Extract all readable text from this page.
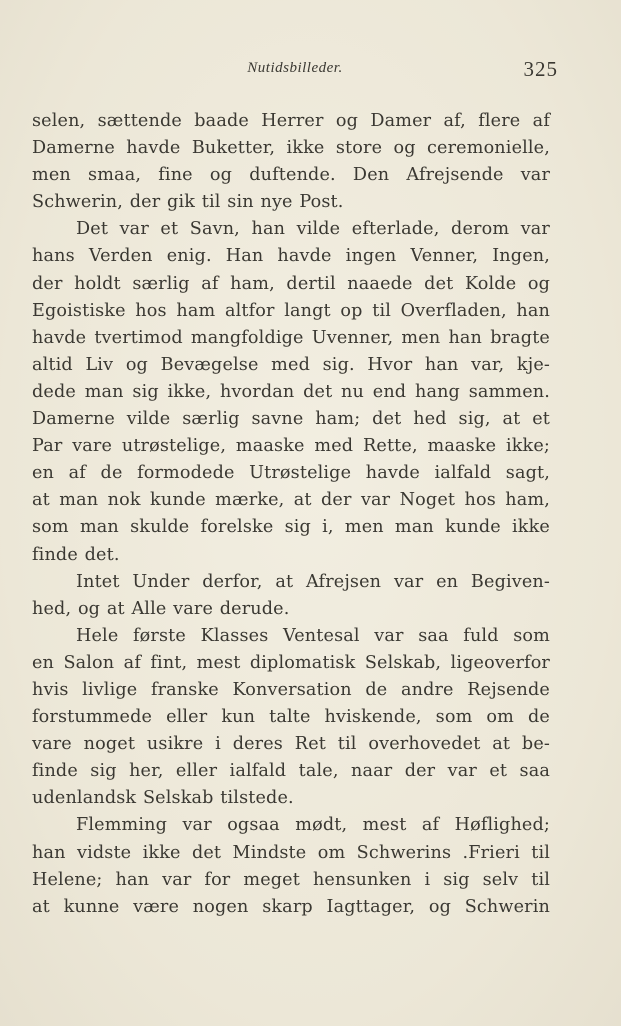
Nutidsbilleder.	325
selen, sættende baade Herrer og Damer af, flere af
Damerne havde Buketter, ikke store og ceremonielle,
men smaa, fine og duftende. Den Afrejsende var
Schwerin, der gik til sin nye Post.
Det var et Savn, han vilde efterlade, derom var
hans Verden enig. Han havde ingen Venner, Ingen,
der holdt særlig af ham, dertil naaede det Kolde og
Egoistiske hos ham altfor langt op til Overfladen, han
havde tvertimod mangfoldige Uvenner, men han bragte
altid Liv og Bevægelse med sig. Hvor han var, kje-
dede man sig ikke, hvordan det nu end hang sammen.
Damerne vilde særlig savne ham; det hed sig, at et
Par vare utrøstelige, maaske med Rette, maaske ikke;
en af de formodede Utrøstelige havde ialfald sagt,
at man nok kunde mærke, at der var Noget hos ham,
som man skulde forelske sig i, men man kunde ikke
finde det.
Intet Under derfor, at Afrejsen var en Begiven-
hed, og at Alle vare derude.
Hele første Klasses Ventesal var saa fuld som
en Salon af fint, mest diplomatisk Selskab, ligeoverfor
hvis livlige franske Konversation de andre Rejsende
forstummede eller kun talte hviskende, som om de
vare noget usikre i deres Ret til overhovedet at be-
finde sig her, eller ialfald tale, naar der var et saa
udenlandsk Selskab tilstede.
Flemming var ogsaa mødt, mest af Høflighed;
han vidste ikke det Mindste om Schwerins .Frieri til
Helene; han var for meget hensunken i sig selv til
at kunne være nogen skarp Iagttager, og Schwerin
